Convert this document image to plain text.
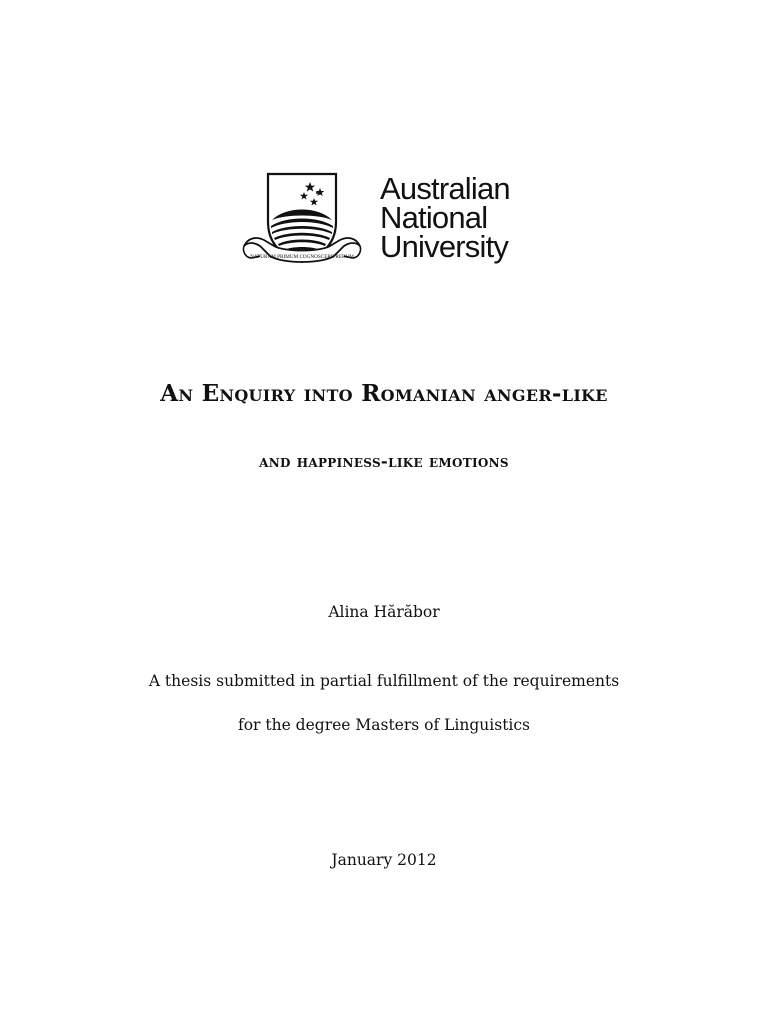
NATURAM PRIMUM COGNOSCERE RERUM
Australian
National
University
An Enquiry into Romanian anger-like
and happiness-like emotions
Alina Hărăbor
A thesis submitted in partial fulfillment of the requirements
for the degree Masters of Linguistics
January 2012
